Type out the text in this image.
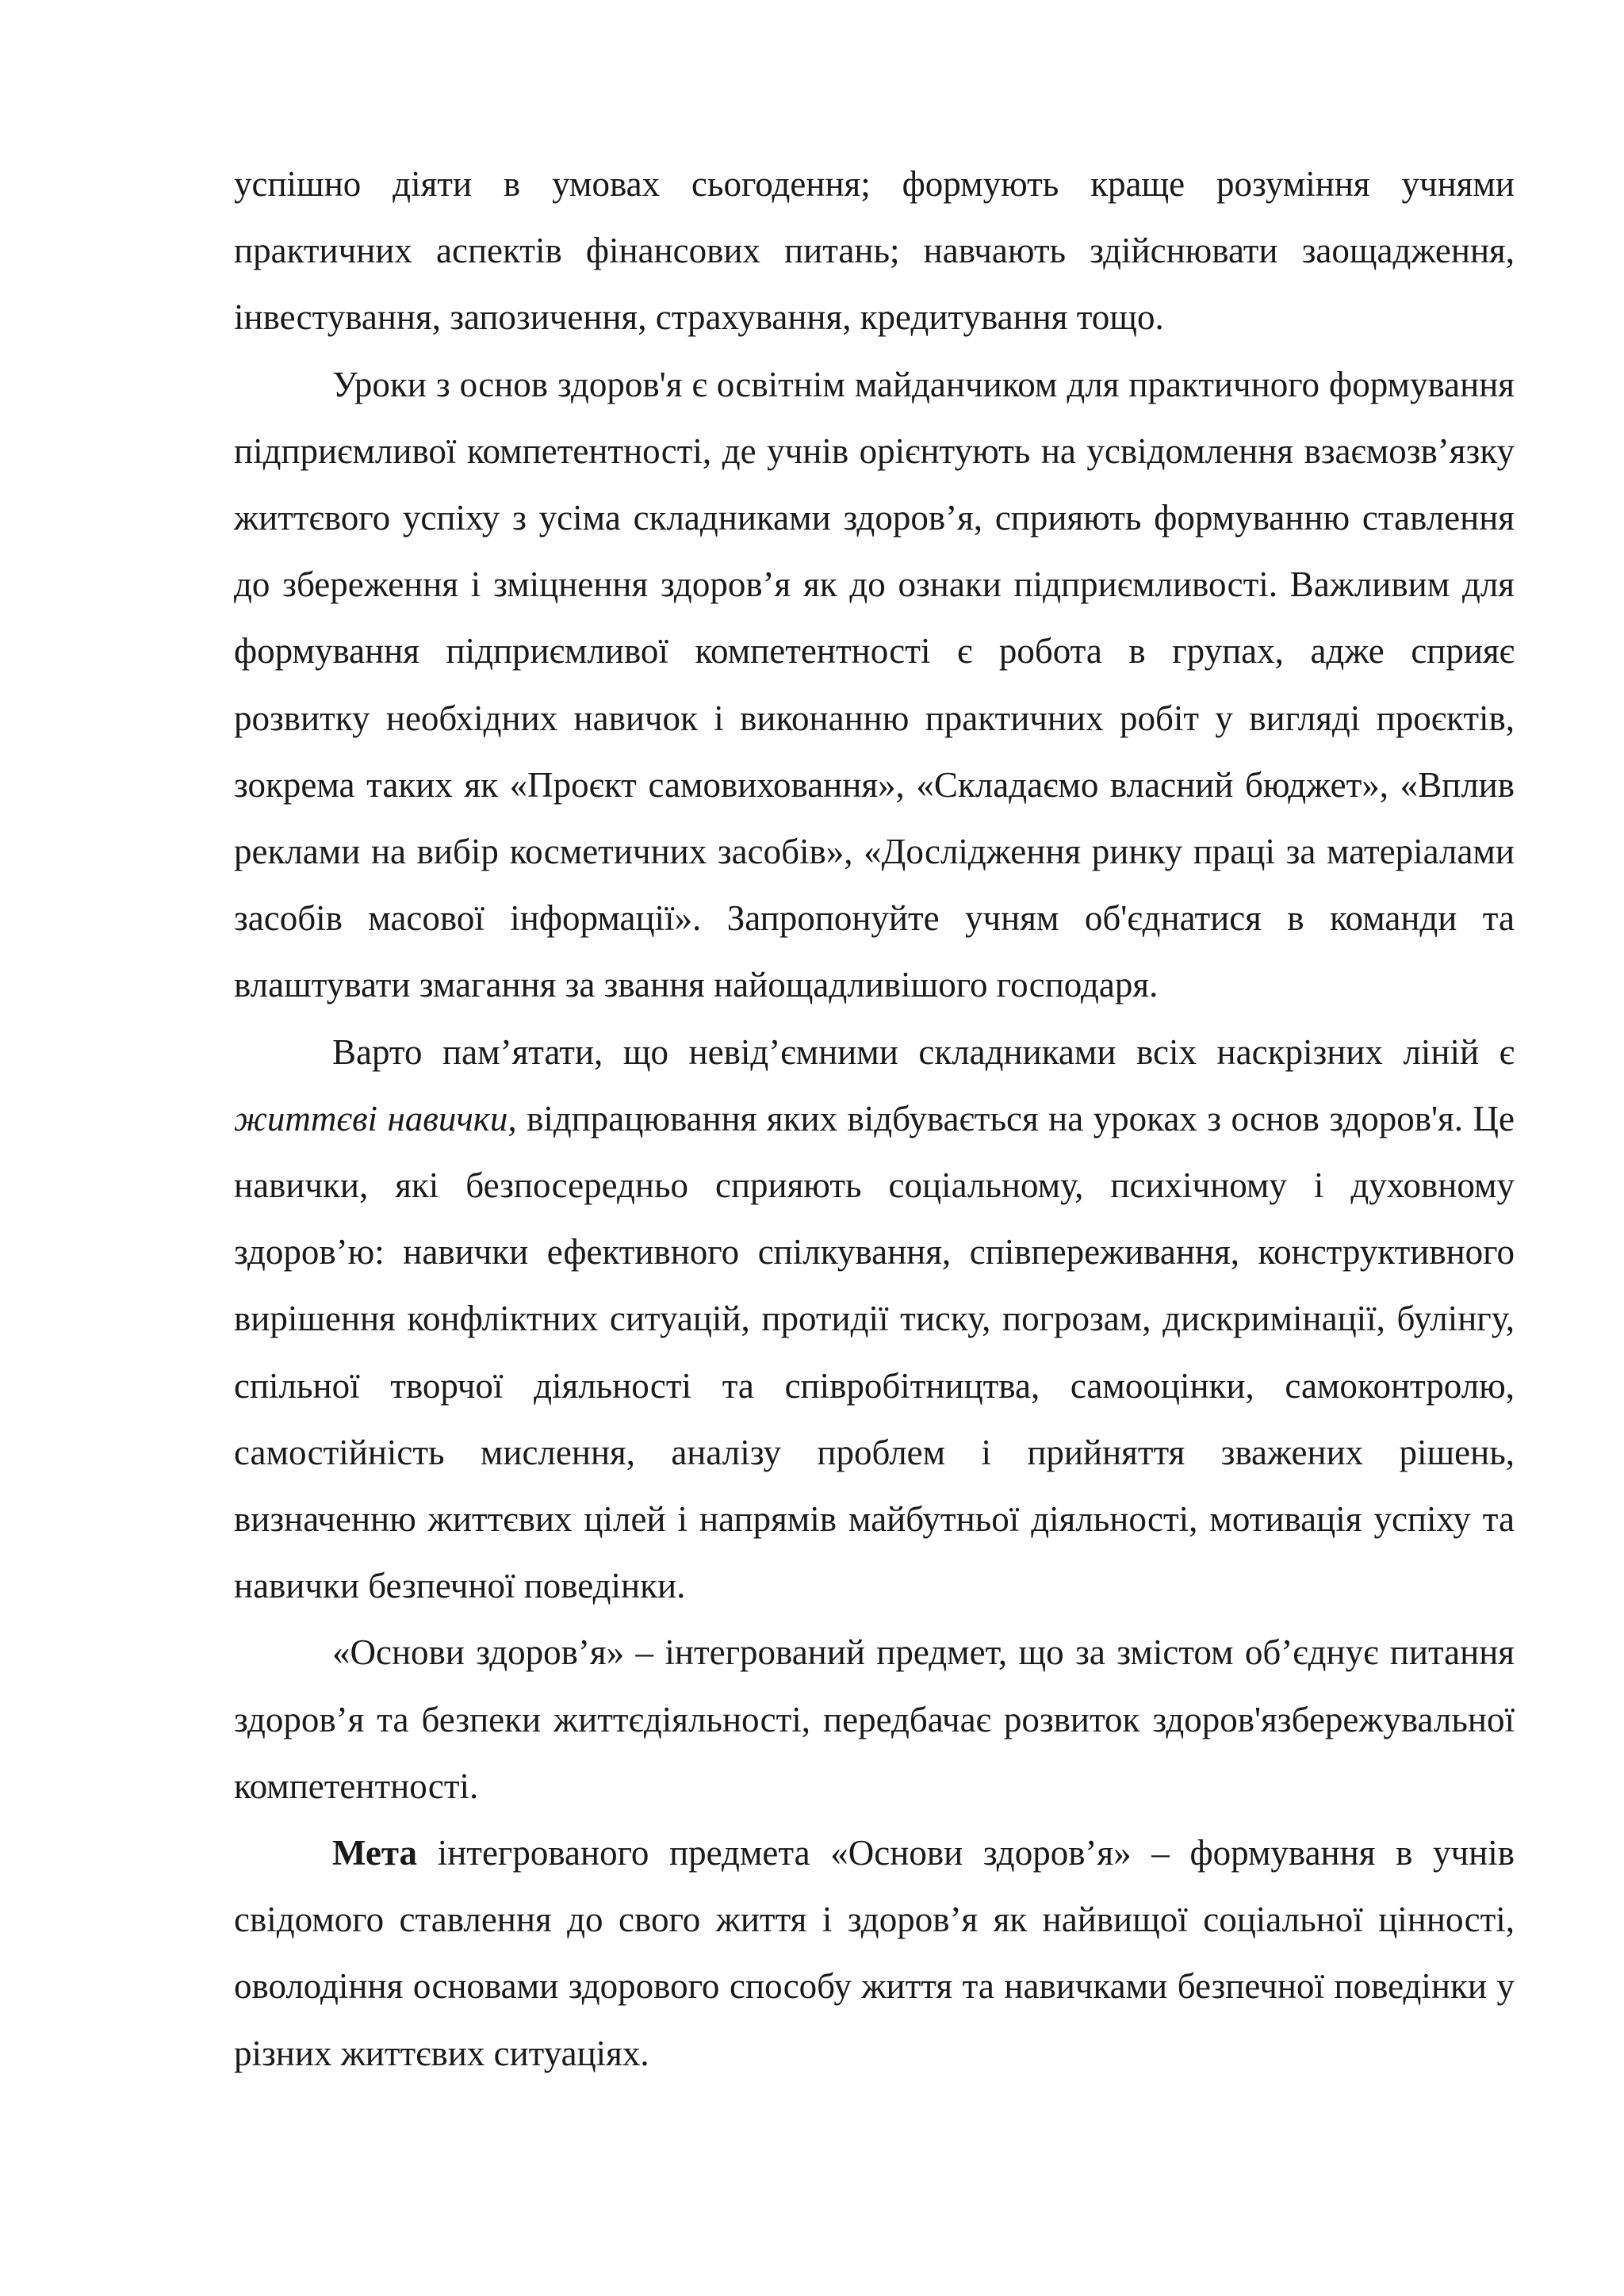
успішно діяти в умовах сьогодення; формують краще розуміння учнями практичних аспектів фінансових питань; навчають здійснювати заощадження, інвестування, запозичення, страхування, кредитування тощо.

Уроки з основ здоров'я є освітнім майданчиком для практичного формування підприємливої компетентності, де учнів орієнтують на усвідомлення взаємозв’язку життєвого успіху з усіма складниками здоров’я, сприяють формуванню ставлення до збереження і зміцнення здоров’я як до ознаки підприємливості. Важливим для формування підприємливої компетентності є робота в групах, адже сприяє розвитку необхідних навичок і виконанню практичних робіт у вигляді проєктів, зокрема таких як «Проєкт самовиховання», «Складаємо власний бюджет», «Вплив реклами на вибір косметичних засобів», «Дослідження ринку праці за матеріалами засобів масової інформації». Запропонуйте учням об'єднатися в команди та влаштувати змагання за звання найощадливішого господаря.

Варто пам’ятати, що невід’ємними складниками всіх наскрізних ліній є життєві навички, відпрацювання яких відбувається на уроках з основ здоров'я. Це навички, які безпосередньо сприяють соціальному, психічному і духовному здоров’ю: навички ефективного спілкування, співпереживання, конструктивного вирішення конфліктних ситуацій, протидії тиску, погрозам, дискримінації, булінгу, спільної творчої діяльності та співробітництва, самооцінки, самоконтролю, самостійність мислення, аналізу проблем і прийняття зважених рішень, визначенню життєвих цілей і напрямів майбутньої діяльності, мотивація успіху та навички безпечної поведінки.

«Основи здоров’я» – інтегрований предмет, що за змістом об’єднує питання здоров’я та безпеки життєдіяльності, передбачає розвиток здоров'язбережувальної компетентності.

Мета інтегрованого предмета «Основи здоров’я» – формування в учнів свідомого ставлення до свого життя і здоров’я як найвищої соціальної цінності, оволодіння основами здорового способу життя та навичками безпечної поведінки у різних життєвих ситуаціях.
